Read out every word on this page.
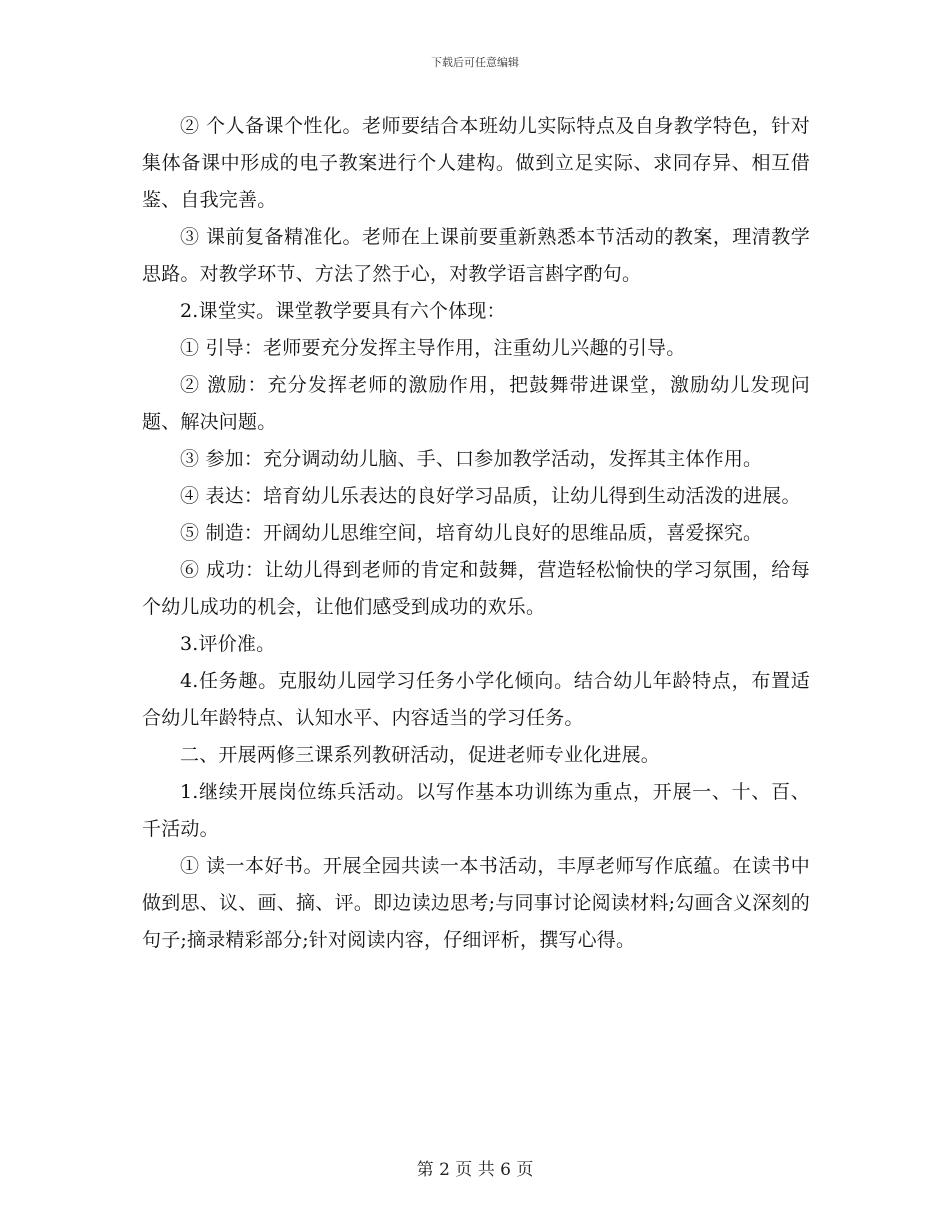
下载后可任意编辑

② 个人备课个性化。老师要结合本班幼儿实际特点及自身教学特色，针对集体备课中形成的电子教案进行个人建构。做到立足实际、求同存异、相互借鉴、自我完善。

③ 课前复备精准化。老师在上课前要重新熟悉本节活动的教案，理清教学思路。对教学环节、方法了然于心，对教学语言斟字酌句。

2.课堂实。课堂教学要具有六个体现：

① 引导：老师要充分发挥主导作用，注重幼儿兴趣的引导。

② 激励：充分发挥老师的激励作用，把鼓舞带进课堂，激励幼儿发现问题、解决问题。

③ 参加：充分调动幼儿脑、手、口参加教学活动，发挥其主体作用。

④ 表达：培育幼儿乐表达的良好学习品质，让幼儿得到生动活泼的进展。

⑤ 制造：开阔幼儿思维空间，培育幼儿良好的思维品质，喜爱探究。

⑥ 成功：让幼儿得到老师的肯定和鼓舞，营造轻松愉快的学习氛围，给每个幼儿成功的机会，让他们感受到成功的欢乐。

3.评价准。

4.任务趣。克服幼儿园学习任务小学化倾向。结合幼儿年龄特点，布置适合幼儿年龄特点、认知水平、内容适当的学习任务。

二、开展两修三课系列教研活动，促进老师专业化进展。

1.继续开展岗位练兵活动。以写作基本功训练为重点，开展一、十、百、千活动。

① 读一本好书。开展全园共读一本书活动，丰厚老师写作底蕴。在读书中做到思、议、画、摘、评。即边读边思考;与同事讨论阅读材料;勾画含义深刻的句子;摘录精彩部分;针对阅读内容，仔细评析，撰写心得。

第 2 页 共 6 页
